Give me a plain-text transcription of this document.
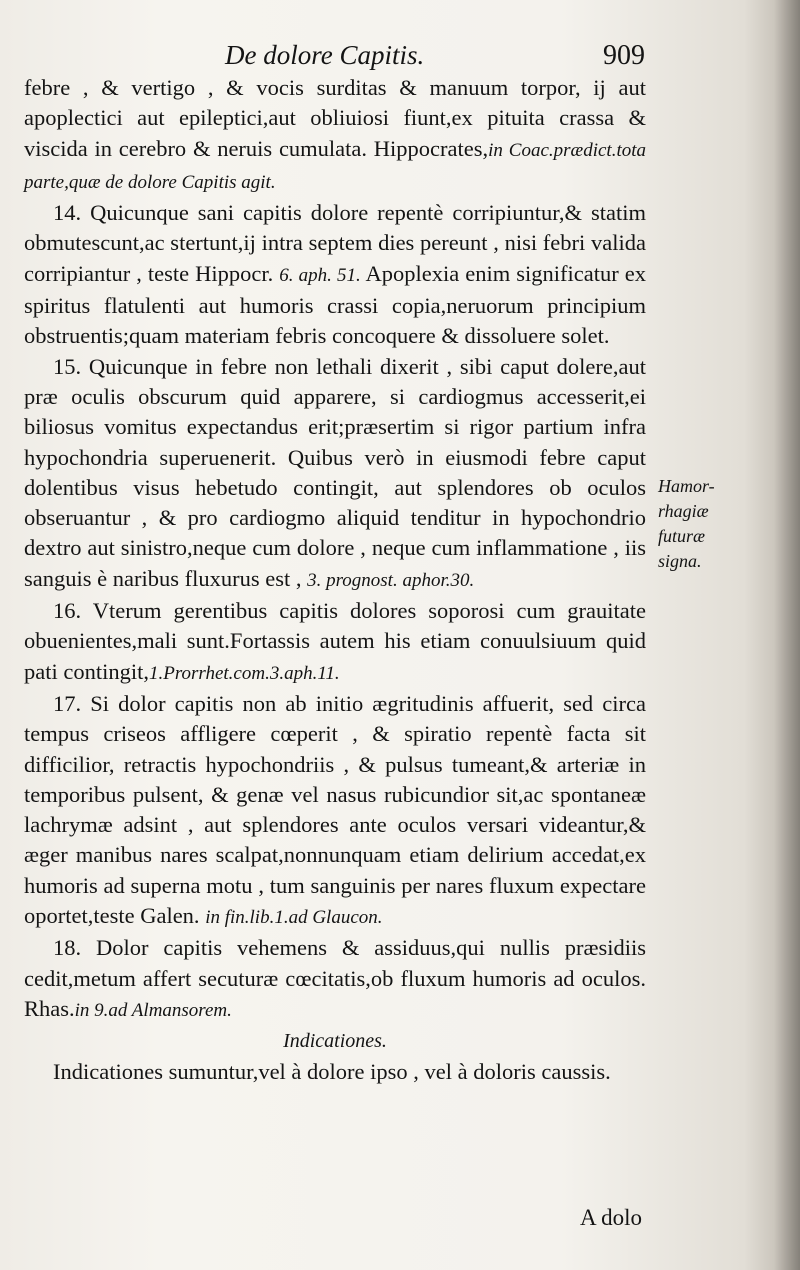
De dolore Capitis.	909

febre , & vertigo , & vocis surditas & manuum torpor, ij aut apoplectici aut epileptici,aut obliuiosi fiunt,ex pituita crassa & viscida in cerebro & neruis cumulata. Hippocrates,in Coac.prædict.tota parte,quæ de dolore Capitis agit.

14. Quicunque sani capitis dolore repentè corripiuntur,& statim obmutescunt,ac stertunt,ij intra septem dies pereunt , nisi febri valida corripiantur , teste Hippocr. 6. aph. 51. Apoplexia enim significatur ex spiritus flatulenti aut humoris crassi copia,neruorum principium obstruentis;quam materiam febris concoquere & dissoluere solet.

15. Quicunque in febre non lethali dixerit , sibi caput dolere,aut præ oculis obscurum quid apparere, si cardiogmus accesserit,ei biliosus vomitus expectandus erit;præsertim si rigor partium infra hypochondria superuenerit. Quibus verò in eiusmodi febre caput dolentibus visus hebetudo contingit, aut splendores ob oculos obseruantur , & pro cardiogmo aliquid tenditur in hypochondrio dextro aut sinistro,neque cum dolore , neque cum inflammatione , iis sanguis è naribus fluxurus est , 3. prognost. aphor.30.

16. Vterum gerentibus capitis dolores soporosi cum grauitate obuenientes,mali sunt.Fortassis autem his etiam conuulsiuum quid pati contingit,1.Prorrhet.com.3.aph.11.

17. Si dolor capitis non ab initio ægritudinis affuerit, sed circa tempus criseos affligere cœperit , & spiratio repentè facta sit difficilior, retractis hypochondriis , & pulsus tumeant,& arteriæ in temporibus pulsent, & genæ vel nasus rubicundior sit,ac spontaneæ lachrymæ adsint , aut splendores ante oculos versari videantur,& æger manibus nares scalpat,nonnunquam etiam delirium accedat,ex humoris ad superna motu , tum sanguinis per nares fluxum expectare oportet,teste Galen. in fin.lib.1.ad Glaucon.

18. Dolor capitis vehemens & assiduus,qui nullis præsidiis cedit,metum affert secuturæ cœcitatis,ob fluxum humoris ad oculos. Rhas.in 9.ad Almansorem.

Indicationes.

Indicationes sumuntur,vel à dolore ipso , vel à doloris caussis.

Hamor-
rhagiæ
futuræ
signa.
A dolo
